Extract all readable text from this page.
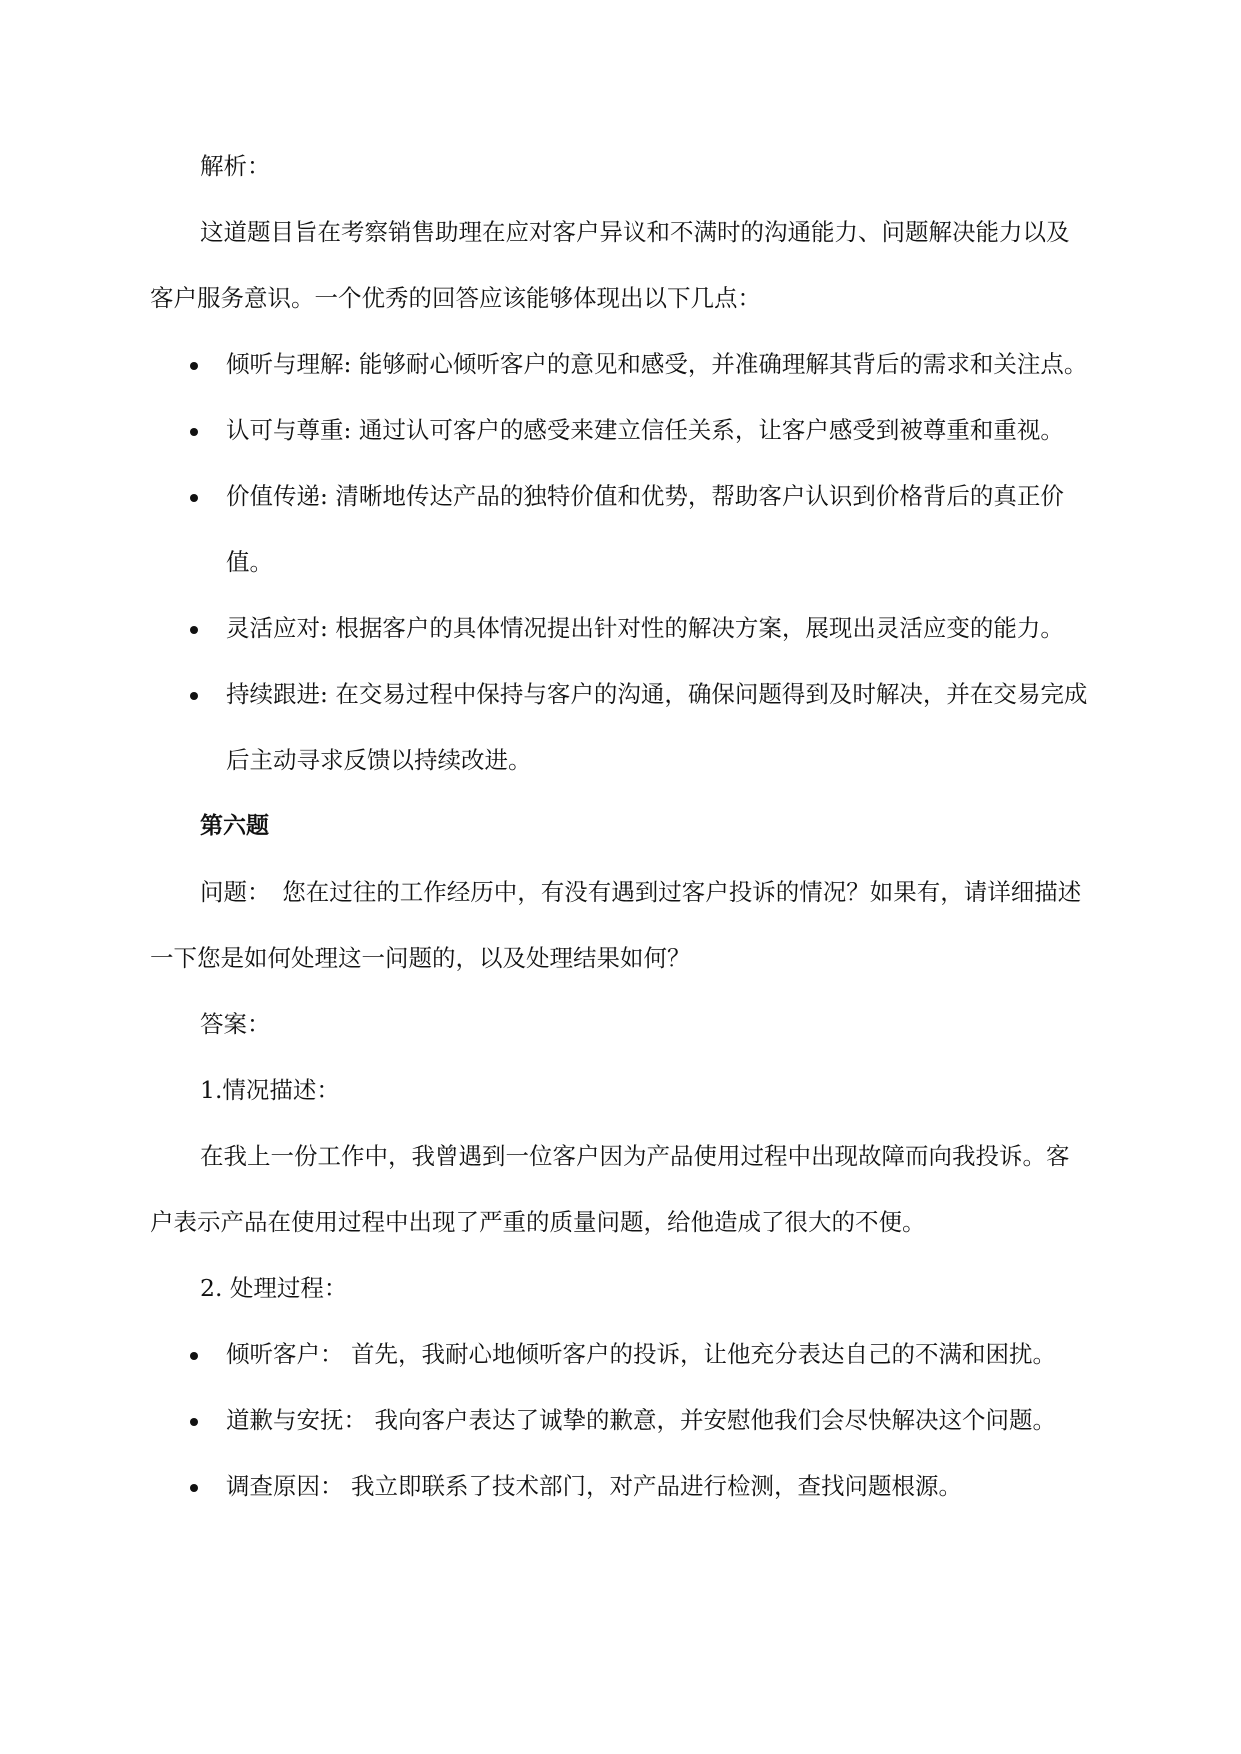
解析：

这道题目旨在考察销售助理在应对客户异议和不满时的沟通能力、问题解决能力以及客户服务意识。一个优秀的回答应该能够体现出以下几点：

倾听与理解: 能够耐心倾听客户的意见和感受，并准确理解其背后的需求和关注点。
认可与尊重: 通过认可客户的感受来建立信任关系，让客户感受到被尊重和重视。
价值传递: 清晰地传达产品的独特价值和优势，帮助客户认识到价格背后的真正价值。
灵活应对: 根据客户的具体情况提出针对性的解决方案，展现出灵活应变的能力。
持续跟进: 在交易过程中保持与客户的沟通，确保问题得到及时解决，并在交易完成后主动寻求反馈以持续改进。

第六题

问题：　您在过往的工作经历中，有没有遇到过客户投诉的情况？如果有，请详细描述一下您是如何处理这一问题的，以及处理结果如何？

答案：

1.情况描述：

在我上一份工作中，我曾遇到一位客户因为产品使用过程中出现故障而向我投诉。客户表示产品在使用过程中出现了严重的质量问题，给他造成了很大的不便。

2. 处理过程：

倾听客户： 首先，我耐心地倾听客户的投诉，让他充分表达自己的不满和困扰。
道歉与安抚： 我向客户表达了诚挚的歉意，并安慰他我们会尽快解决这个问题。
调查原因： 我立即联系了技术部门，对产品进行检测，查找问题根源。
